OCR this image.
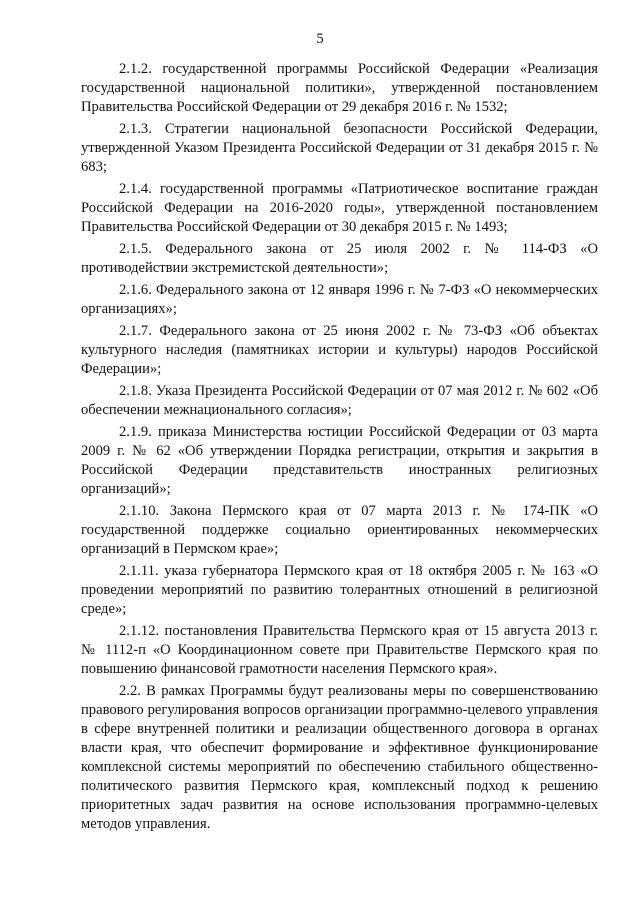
5

2.1.2. государственной программы Российской Федерации «Реализация государственной национальной политики», утвержденной постановлением Правительства Российской Федерации от 29 декабря 2016 г. № 1532;

2.1.3. Стратегии национальной безопасности Российской Федерации, утвержденной Указом Президента Российской Федерации от 31 декабря 2015 г. № 683;

2.1.4. государственной программы «Патриотическое воспитание граждан Российской Федерации на 2016-2020 годы», утвержденной постановлением Правительства Российской Федерации от 30 декабря 2015 г. № 1493;

2.1.5. Федерального закона от 25 июля 2002 г. № 114-ФЗ «О противодействии экстремистской деятельности»;

2.1.6. Федерального закона от 12 января 1996 г. № 7-ФЗ «О некоммерческих организациях»;

2.1.7. Федерального закона от 25 июня 2002 г. № 73-ФЗ «Об объектах культурного наследия (памятниках истории и культуры) народов Российской Федерации»;

2.1.8. Указа Президента Российской Федерации от 07 мая 2012 г. № 602 «Об обеспечении межнационального согласия»;

2.1.9. приказа Министерства юстиции Российской Федерации от 03 марта 2009 г. № 62 «Об утверждении Порядка регистрации, открытия и закрытия в Российской Федерации представительств иностранных религиозных организаций»;

2.1.10. Закона Пермского края от 07 марта 2013 г. № 174-ПК «О государственной поддержке социально ориентированных некоммерческих организаций в Пермском крае»;

2.1.11. указа губернатора Пермского края от 18 октября 2005 г. № 163 «О проведении мероприятий по развитию толерантных отношений в религиозной среде»;

2.1.12. постановления Правительства Пермского края от 15 августа 2013 г. № 1112-п «О Координационном совете при Правительстве Пермского края по повышению финансовой грамотности населения Пермского края».

2.2. В рамках Программы будут реализованы меры по совершенствованию правового регулирования вопросов организации программно-целевого управления в сфере внутренней политики и реализации общественного договора в органах власти края, что обеспечит формирование и эффективное функционирование комплексной системы мероприятий по обеспечению стабильного общественно-политического развития Пермского края, комплексный подход к решению приоритетных задач развития на основе использования программно-целевых методов управления.
